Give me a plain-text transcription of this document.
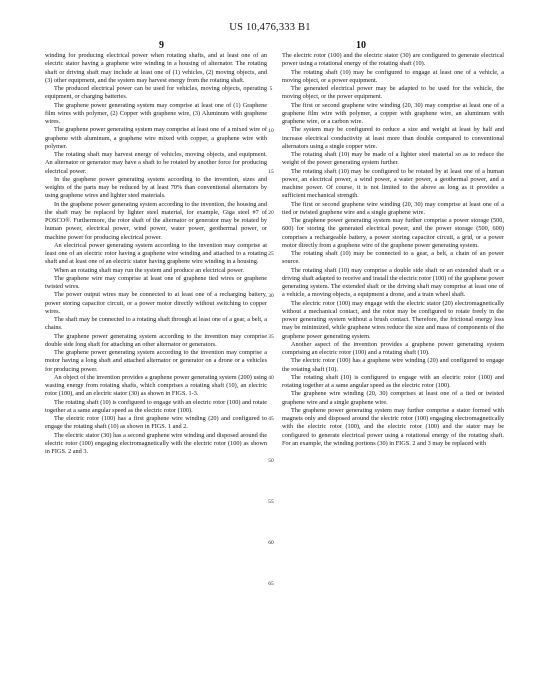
US 10,476,333 B1
9	10

winding for producing electrical power when rotating shafts, and at least one of an electric stator having a graphene wire winding in a housing of alternator. The rotating shaft or driving shaft may include at least one of (1) vehicles, (2) moving objects, and (3) other equipment, and the system may harvest energy from the rotating shaft.

The produced electrical power can be used for vehicles, moving objects, operating equipment, or charging batteries.

The graphene power generating system may comprise at least one of (1) Graphene film wires with polymer, (2) Copper with graphene wire, (3) Aluminum with graphene wires.

The graphene power generating system may comprise at least one of a mixed wire of graphene with aluminum, a graphene wire mixed with copper, a graphene wire with polymer.

The rotating shaft may harvest energy of vehicles, moving objects, and equipment. An alternator or generator may have a shaft to be rotated by another force for producing electrical power.

In the graphene power generating system according to the invention, sizes and weights of the parts may be reduced by at least 70% than conventional alternators by using graphene wires and lighter steel materials.

In the graphene power generating system according to the invention, the housing and the shaft may be replaced by lighter steel material, for example, Giga steel #7 of POSCO®. Furthermore, the rotor shaft of the alternator or generator may be rotated by human power, electrical power, wind power, water power, geothermal power, or machine power for producing electrical power.

An electrical power generating system according to the invention may comprise at least one of an electric rotor having a graphene wire winding and attached to a rotating shaft and at least one of an electric stator having graphene wire winding in a housing.

When an rotating shaft may run the system and produce an electrical power.

The graphene wire may comprise at least one of graphene tied wires or graphene twisted wires.

The power output wires may be connected to at least one of a recharging battery, power storing capacitor circuit, or a power motor directly without switching to copper wires.

The shaft may be connected to a rotating shaft through at least one of a gear, a belt, a chains.

The graphene power generating system according to the invention may comprise double side long shaft for attaching an other alternator or generators.

The graphene power generating system according to the invention may comprise a motor having a long shaft and attached alternator or generator on a drone or a vehicles for producing power.

An object of the invention provides a graphene power generating system (200) using wasting energy from rotating shafts, which comprises a rotating shaft (10), an electric rotor (100), and an electric stator (30) as shown in FIGS. 1-3.

The rotating shaft (10) is configured to engage with an electric rotor (100) and rotate together at a same angular speed as the electric rotor (100).

The electric rotor (100) has a first graphene wire winding (20) and configured to engage the rotating shaft (10) as shown in FIGS. 1 and 2.

The electric stator (30) has a second graphene wire winding and disposed around the electric rotor (100) engaging electromagnetically with the electric rotor (100) as shown in FIGS. 2 and 3.

5
10
15
20
25
30
35
40
45
50
55
60
65

The electric rotor (100) and the electric stator (30) are configured to generate electrical power using a rotational energy of the rotating shaft (10).

The rotating shaft (10) may be configured to engage at least one of a vehicle, a moving object, or a power equipment.

The generated electrical power may be adapted to be used for the vehicle, the moving object, or the power equipment.

The first or second graphene wire winding (20, 30) may comprise at least one of a graphene film wire with polymer, a copper with graphene wire, an aluminum with graphene wire, or a carbon wire.

The system may be configured to reduce a size and weight at least by half and increase electrical conductivity at least more than double compared to conventional alternators using a single copper wire.

The rotating shaft (10) may be made of a lighter steel material so as to reduce the weight of the power generating system further.

The rotating shaft (10) may be configured to be rotated by at least one of a human power, an electrical power, a wind power, a water power, a geothermal power, and a machine power. Of course, it is not limited to the above as long as it provides a sufficient mechanical strength.

The first or second graphene wire winding (20, 30) may comprise at least one of a tied or twisted graphene wire and a single graphene wire.

The graphene power generating system may further comprise a power storage (500, 600) for storing the generated electrical power, and the power storage (500, 600) comprises a rechargeable battery, a power storing capacitor circuit, a grid, or a power motor directly from a graphene wire of the graphene power generating system.

The rotating shaft (10) may be connected to a gear, a belt, a chain of an power source.

The rotating shaft (10) may comprise a double side shaft or an extended shaft or a driving shaft adapted to receive and install the electric rotor (100) of the graphene power generating system. The extended shaft or the driving shaft may comprise at least one of a vehicle, a moving objects, a equipment a drone, and a train wheel shaft.

The electric rotor (100) may engage with the electric stator (20) electromagnetically without a mechanical contact, and the rotor may be configured to rotate freely in the power generating system without a brush contact. Therefore, the frictional energy loss may be minimized, while graphene wires reduce the size and mass of components of the graphene power generating system.

Another aspect of the invention provides a graphene power generating system comprising an electric rotor (100) and a rotating shaft (10).

The electric rotor (100) has a graphene wire winding (20) and configured to engage the rotating shaft (10).

The rotating shaft (10) is configured to engage with an electric rotor (100) and rotating together at a same angular speed as the electric rotor (100).

The graphene wire winding (20, 30) comprises at least one of a tied or twisted graphene wire and a single graphene wire.

The graphene power generating system may further comprise a stator formed with magnets only and disposed around the electric rotor (100) engaging electromagnetically with the electric rotor (100), and the electric rotor (100) and the stator may be configured to generate electrical power using a rotational energy of the rotating shaft. For an example, the winding portions (30) in FIGS. 2 and 3 may be replaced with
